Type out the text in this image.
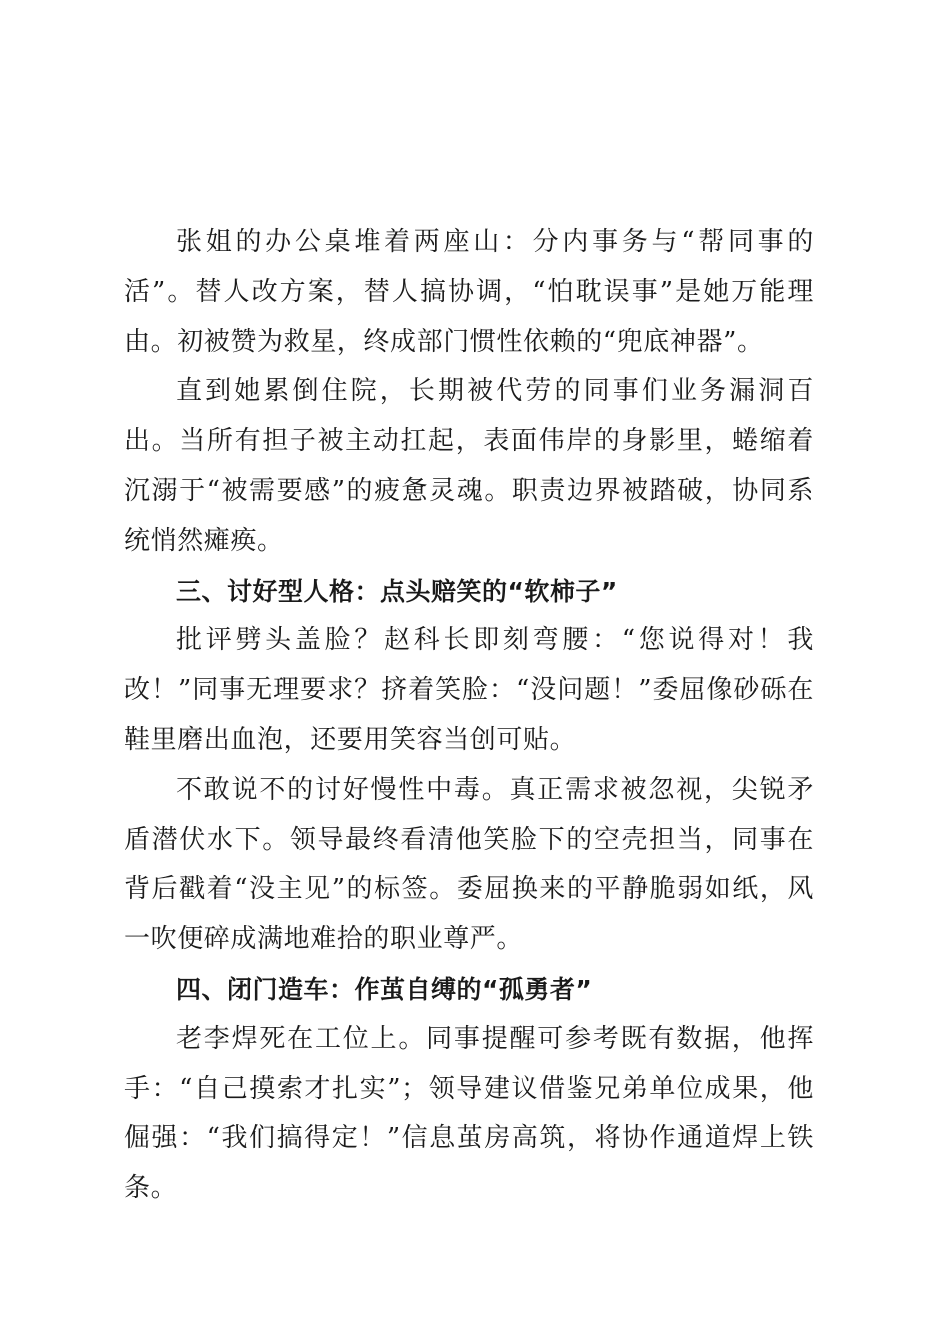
张姐的办公桌堆着两座山：分内事务与“帮同事的活”。替人改方案，替人搞协调，“怕耽误事”是她万能理由。初被赞为救星，终成部门惯性依赖的“兜底神器”。

直到她累倒住院，长期被代劳的同事们业务漏洞百出。当所有担子被主动扛起，表面伟岸的身影里，蜷缩着沉溺于“被需要感”的疲惫灵魂。职责边界被踏破，协同系统悄然瘫痪。

三、讨好型人格：点头赔笑的“软柿子”

批评劈头盖脸？赵科长即刻弯腰：“您说得对！我改！”同事无理要求？挤着笑脸：“没问题！”委屈像砂砾在鞋里磨出血泡，还要用笑容当创可贴。

不敢说不的讨好慢性中毒。真正需求被忽视，尖锐矛盾潜伏水下。领导最终看清他笑脸下的空壳担当，同事在背后戳着“没主见”的标签。委屈换来的平静脆弱如纸，风一吹便碎成满地难拾的职业尊严。

四、闭门造车：作茧自缚的“孤勇者”

老李焊死在工位上。同事提醒可参考既有数据，他挥手：“自己摸索才扎实”；领导建议借鉴兄弟单位成果，他倔强：“我们搞得定！”信息茧房高筑，将协作通道焊上铁条。
